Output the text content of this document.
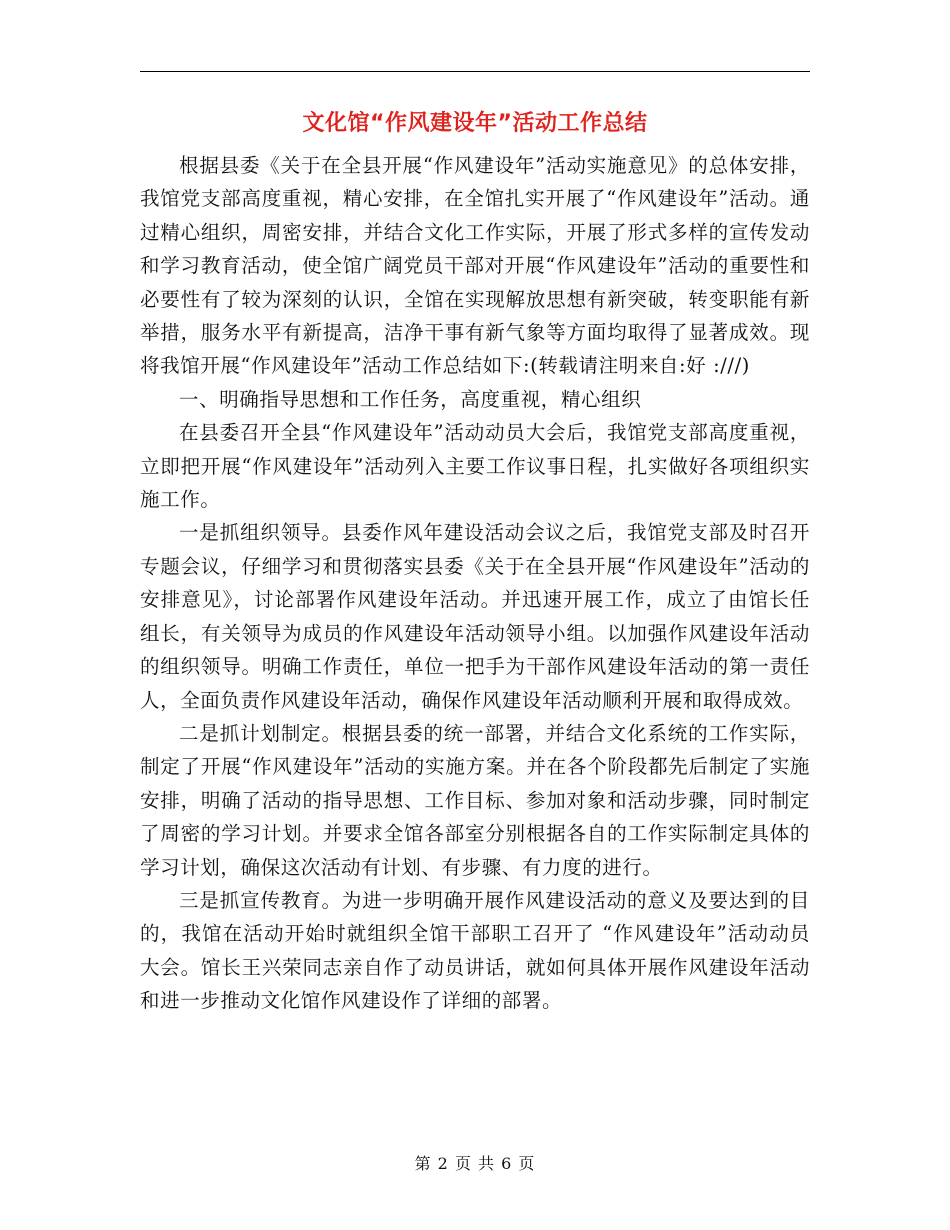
文化馆“作风建设年”活动工作总结

根据县委《关于在全县开展“作风建设年”活动实施意见》的总体安排，我馆党支部高度重视，精心安排，在全馆扎实开展了“作风建设年”活动。通过精心组织，周密安排，并结合文化工作实际，开展了形式多样的宣传发动和学习教育活动，使全馆广阔党员干部对开展“作风建设年”活动的重要性和必要性有了较为深刻的认识，全馆在实现解放思想有新突破，转变职能有新举措，服务水平有新提高，洁净干事有新气象等方面均取得了显著成效。现将我馆开展“作风建设年”活动工作总结如下:(转载请注明来自:好 :///)

一、明确指导思想和工作任务，高度重视，精心组织

在县委召开全县“作风建设年”活动动员大会后，我馆党支部高度重视，立即把开展“作风建设年”活动列入主要工作议事日程，扎实做好各项组织实施工作。

一是抓组织领导。县委作风年建设活动会议之后，我馆党支部及时召开专题会议，仔细学习和贯彻落实县委《关于在全县开展“作风建设年”活动的安排意见》，讨论部署作风建设年活动。并迅速开展工作，成立了由馆长任组长，有关领导为成员的作风建设年活动领导小组。以加强作风建设年活动的组织领导。明确工作责任，单位一把手为干部作风建设年活动的第一责任人，全面负责作风建设年活动，确保作风建设年活动顺利开展和取得成效。

二是抓计划制定。根据县委的统一部署，并结合文化系统的工作实际，制定了开展“作风建设年”活动的实施方案。并在各个阶段都先后制定了实施安排，明确了活动的指导思想、工作目标、参加对象和活动步骤，同时制定了周密的学习计划。并要求全馆各部室分别根据各自的工作实际制定具体的学习计划，确保这次活动有计划、有步骤、有力度的进行。

三是抓宣传教育。为进一步明确开展作风建设活动的意义及要达到的目的，我馆在活动开始时就组织全馆干部职工召开了 “作风建设年”活动动员大会。馆长王兴荣同志亲自作了动员讲话，就如何具体开展作风建设年活动和进一步推动文化馆作风建设作了详细的部署。

第 2 页 共 6 页
